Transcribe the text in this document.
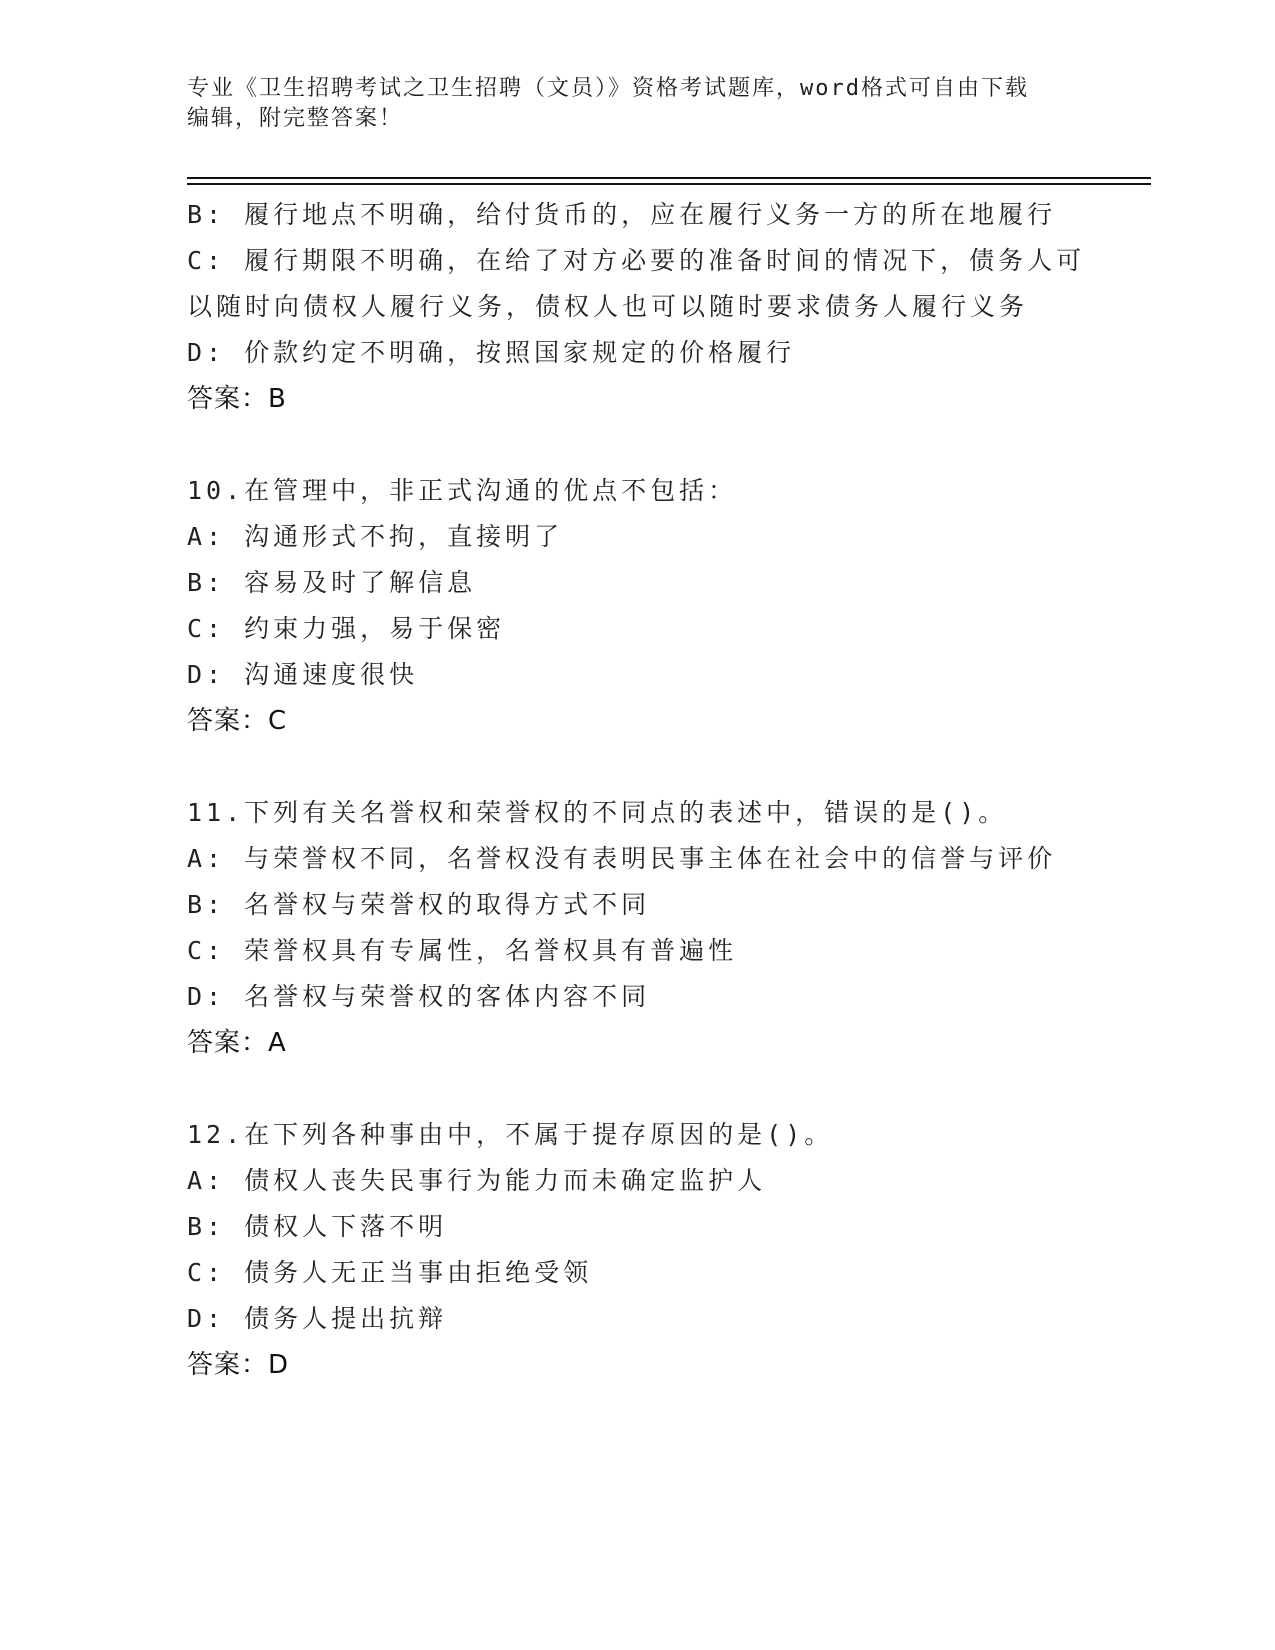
专业《卫生招聘考试之卫生招聘（文员）》资格考试题库，word格式可自由下载
编辑，附完整答案！
B: 履行地点不明确，给付货币的，应在履行义务一方的所在地履行
C: 履行期限不明确，在给了对方必要的准备时间的情况下，债务人可
以随时向债权人履行义务，债权人也可以随时要求债务人履行义务
D: 价款约定不明确，按照国家规定的价格履行
答案：B
10.在管理中，非正式沟通的优点不包括：
A: 沟通形式不拘，直接明了
B: 容易及时了解信息
C: 约束力强，易于保密
D: 沟通速度很快
答案：C
11.下列有关名誉权和荣誉权的不同点的表述中，错误的是()。
A: 与荣誉权不同，名誉权没有表明民事主体在社会中的信誉与评价
B: 名誉权与荣誉权的取得方式不同
C: 荣誉权具有专属性，名誉权具有普遍性
D: 名誉权与荣誉权的客体内容不同
答案：A
12.在下列各种事由中，不属于提存原因的是()。
A: 债权人丧失民事行为能力而未确定监护人
B: 债权人下落不明
C: 债务人无正当事由拒绝受领
D: 债务人提出抗辩
答案：D
